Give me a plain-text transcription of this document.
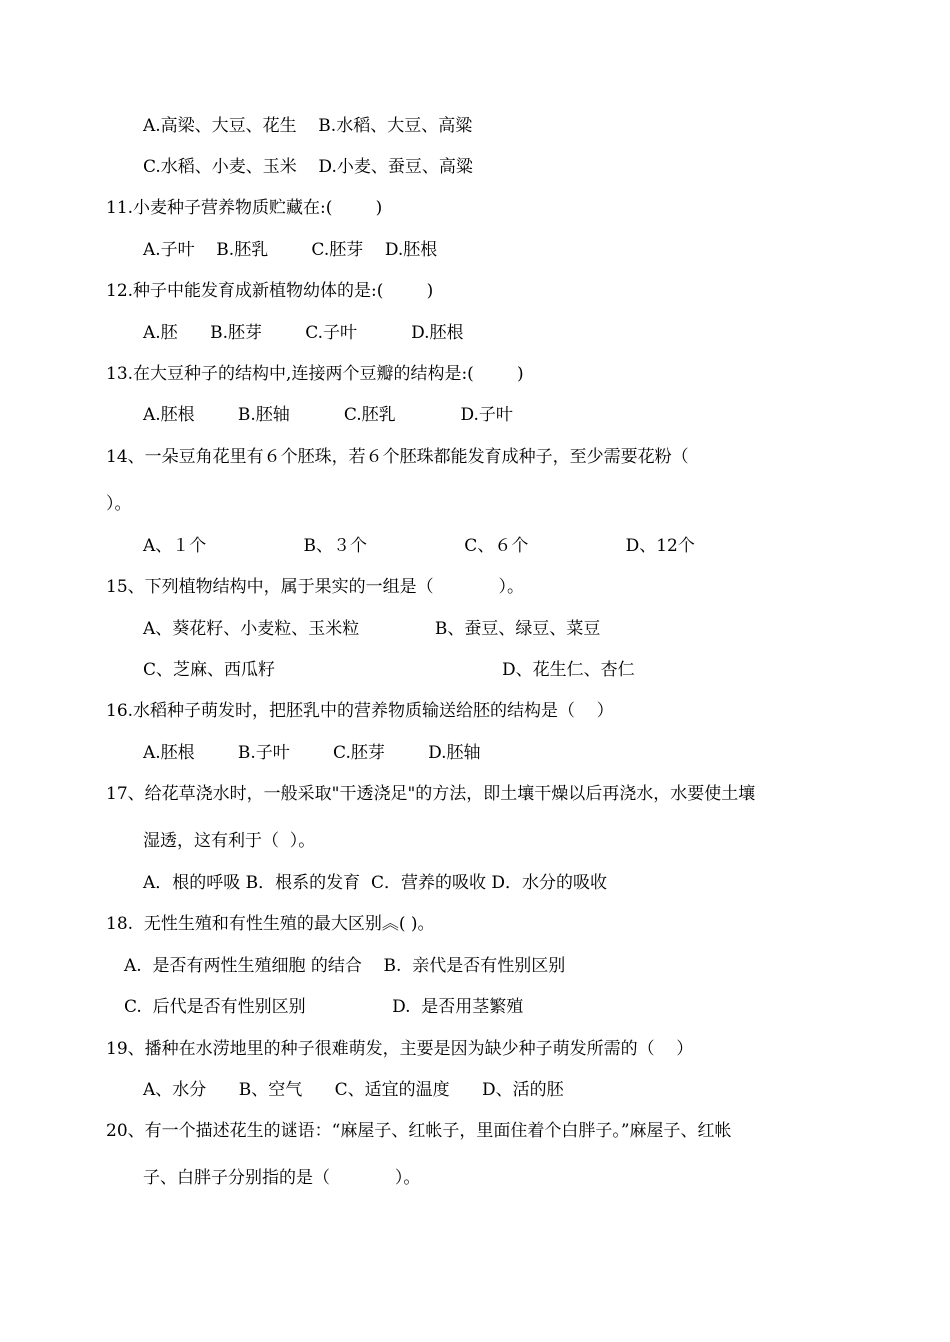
A.高梁、大豆、花生    B.水稻、大豆、高粱
C.水稻、小麦、玉米    D.小麦、蚕豆、高粱
11.小麦种子营养物质贮藏在:(        )
A.子叶    B.胚乳        C.胚芽    D.胚根
12.种子中能发育成新植物幼体的是:(        )
A.胚      B.胚芽        C.子叶          D.胚根
13.在大豆种子的结构中,连接两个豆瓣的结构是:(        )
A.胚根        B.胚轴          C.胚乳            D.子叶
14、一朵豆角花里有６个胚珠，若６个胚珠都能发育成种子，至少需要花粉（
）。
A、１个                  B、３个                  C、６个                  D、12个
15、下列植物结构中，属于果实的一组是（            ）。
A、葵花籽、小麦粒、玉米粒              B、蚕豆、绿豆、菜豆
C、芝麻、西瓜籽                                          D、花生仁、杏仁
16.水稻种子萌发时，把胚乳中的营养物质输送给胚的结构是（    ）
A.胚根        B.子叶        C.胚芽        D.胚轴
17、给花草浇水时，一般采取"干透浇足"的方法，即土壤干燥以后再浇水，水要使土壤
湿透，这有利于（  ）。
A．根的呼吸 B．根系的发育  C．营养的吸收 D．水分的吸收
18.  无性生殖和有性生殖的最大区别︽( )。
A.  是否有两性生殖细胞 的结合    B.  亲代是否有性别区别
C.  后代是否有性别区别                D.  是否用茎繁殖
19、播种在水涝地里的种子很难萌发，主要是因为缺少种子萌发所需的（    ）
A、水分      B、空气      C、适宜的温度      D、活的胚
20、有一个描述花生的谜语：“麻屋子、红帐子，里面住着个白胖子。”麻屋子、红帐
子、白胖子分别指的是（            ）。
